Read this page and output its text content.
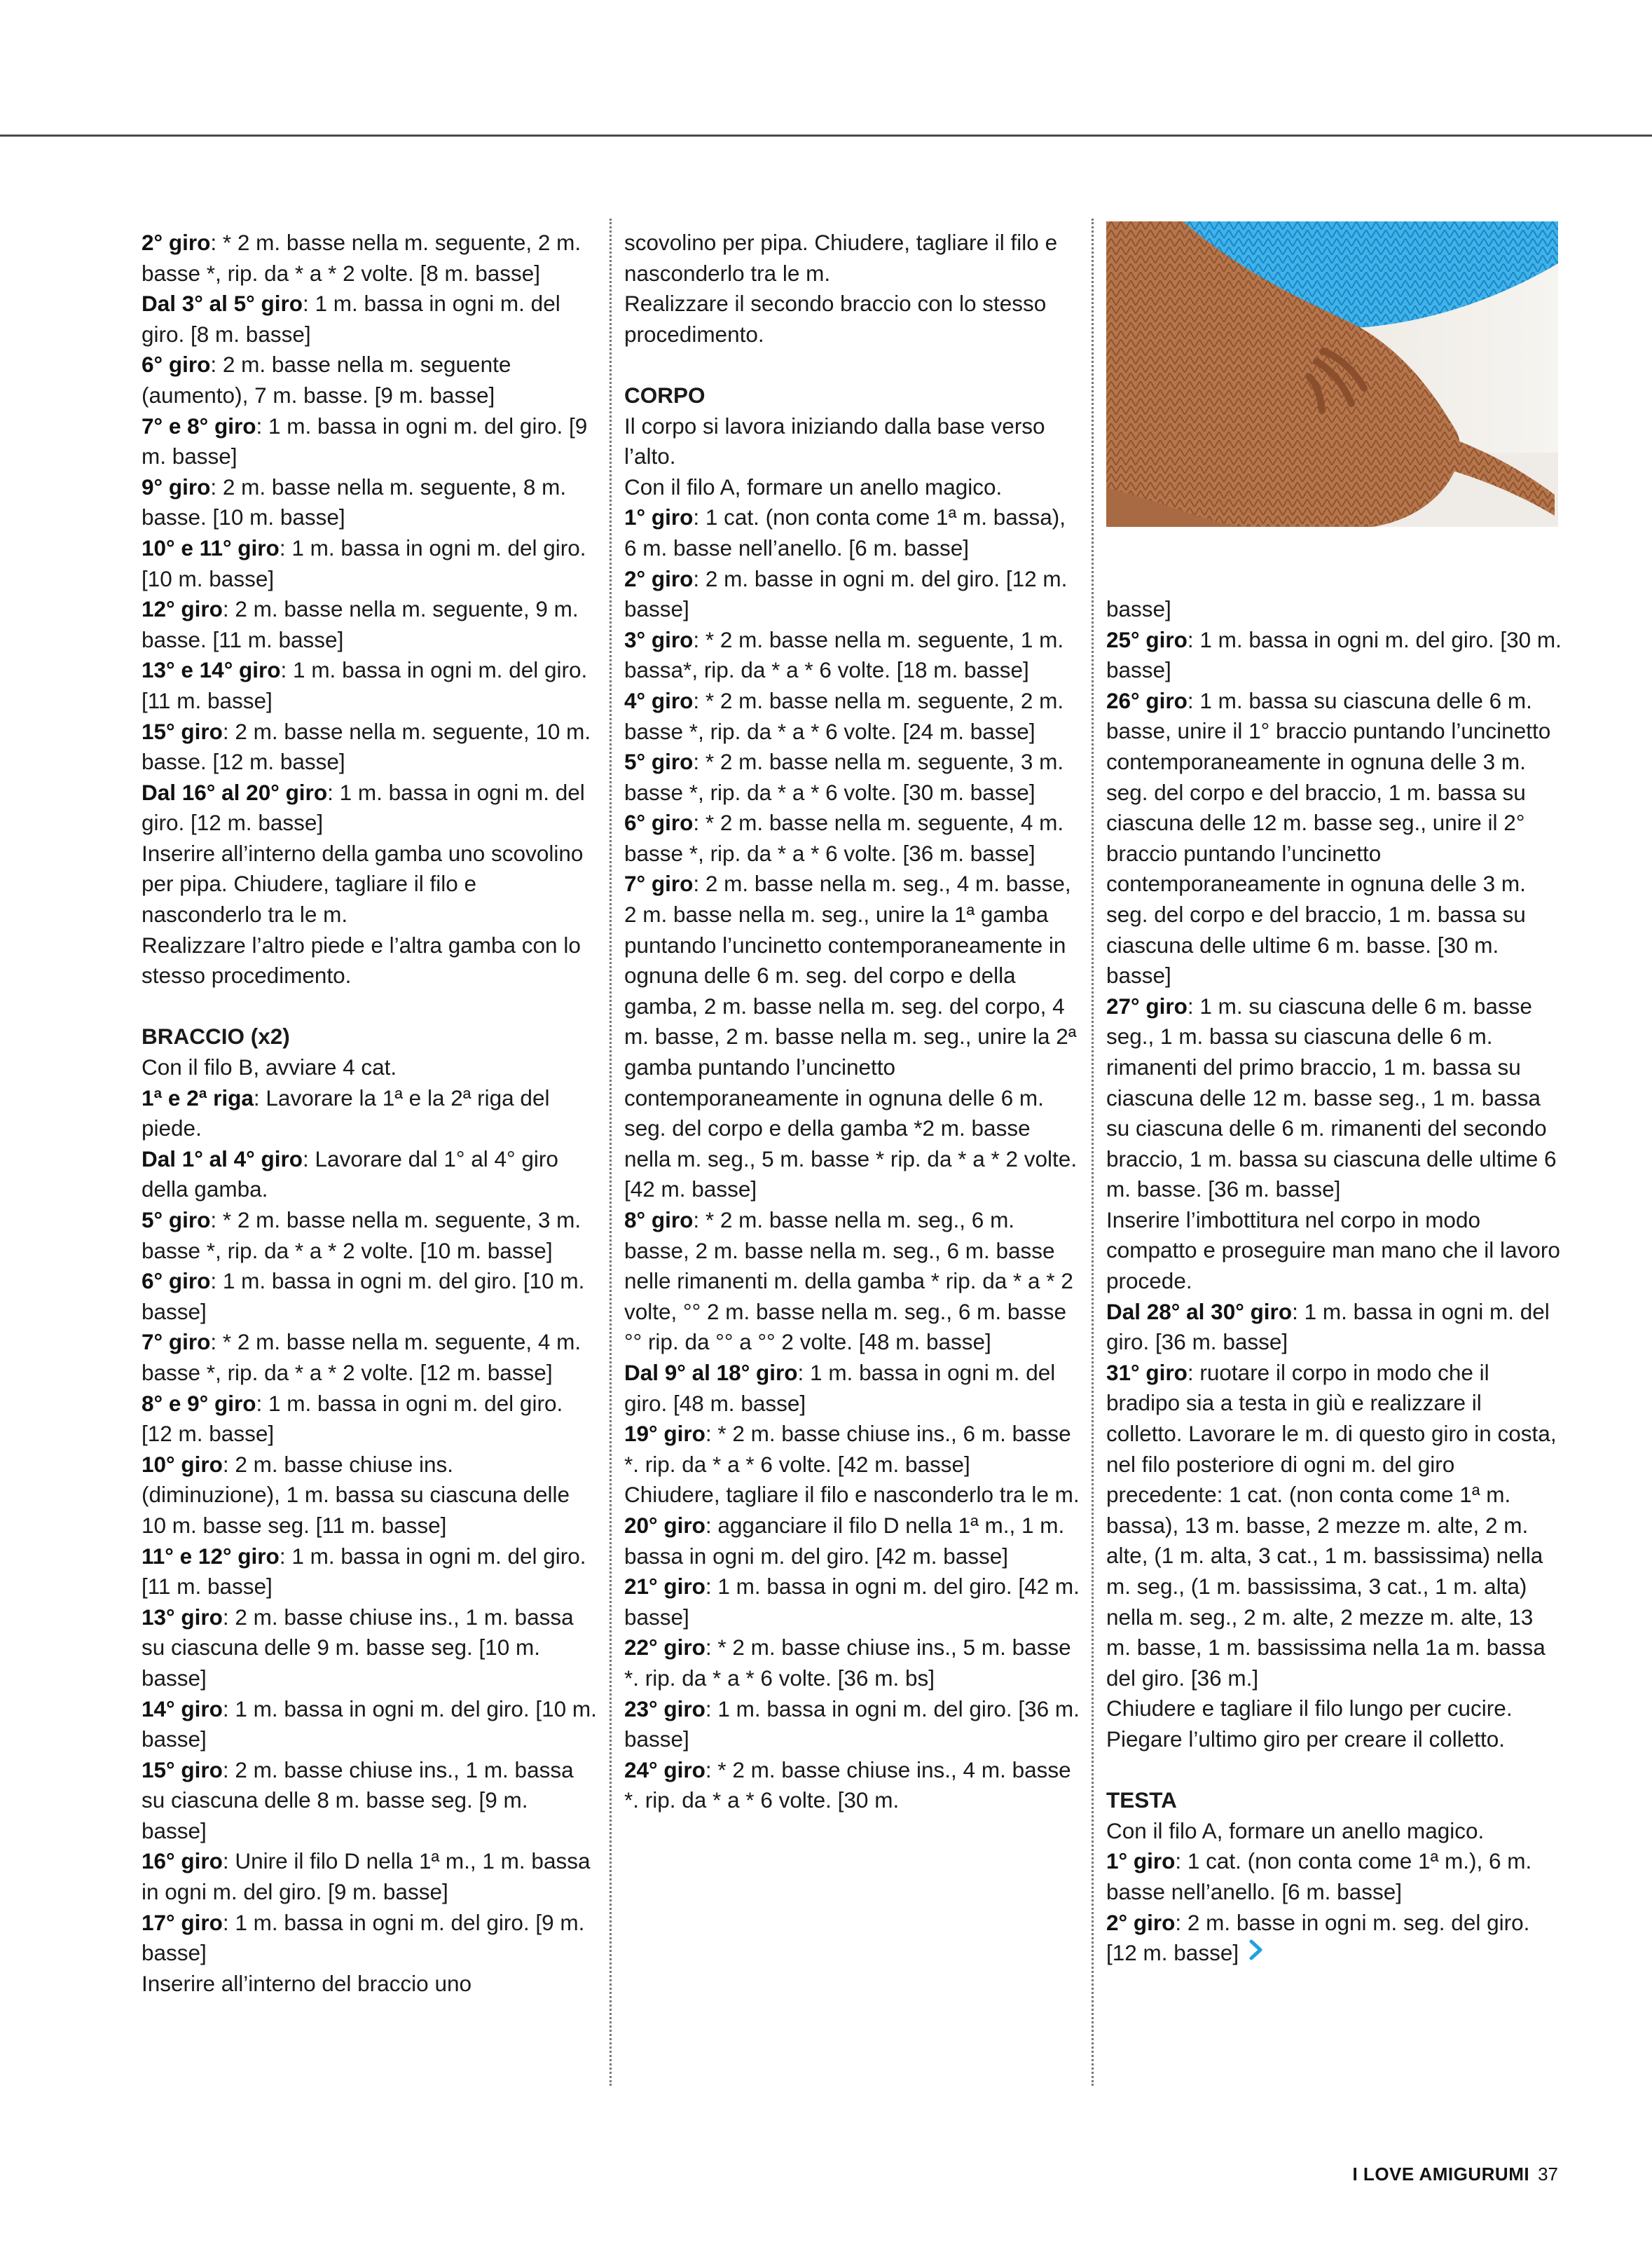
2° giro: * 2 m. basse nella m. seguente, 2 m. basse *, rip. da * a * 2 volte. [8 m. basse]

Dal 3° al 5° giro: 1 m. bassa in ogni m. del giro. [8 m. basse]

6° giro: 2 m. basse nella m. seguente (aumento), 7 m. basse. [9 m. basse]

7° e 8° giro: 1 m. bassa in ogni m. del giro. [9 m. basse]

9° giro: 2 m. basse nella m. seguente, 8 m. basse. [10 m. basse]

10° e 11° giro: 1 m. bassa in ogni m. del giro. [10 m. basse]

12° giro: 2 m. basse nella m. seguente, 9 m. basse. [11 m. basse]

13° e 14° giro: 1 m. bassa in ogni m. del giro. [11 m. basse]

15° giro: 2 m. basse nella m. seguente, 10 m. basse. [12 m. basse]

Dal 16° al 20° giro: 1 m. bassa in ogni m. del giro. [12 m. basse]

Inserire all’interno della gamba uno scovolino per pipa. Chiudere, tagliare il filo e nasconderlo tra le m.

Realizzare l’altro piede e l’altra gamba con lo stesso procedimento.

BRACCIO (x2)

Con il filo B, avviare 4 cat.

1ª e 2ª riga: Lavorare la 1ª e la 2ª riga del piede.

Dal 1° al 4° giro: Lavorare dal 1° al 4° giro della gamba.

5° giro: * 2 m. basse nella m. seguente, 3 m. basse *, rip. da * a * 2 volte. [10 m. basse]

6° giro: 1 m. bassa in ogni m. del giro. [10 m. basse]

7° giro: * 2 m. basse nella m. seguente, 4 m. basse *, rip. da * a * 2 volte. [12 m. basse]

8° e 9° giro: 1 m. bassa in ogni m. del giro. [12 m. basse]

10° giro: 2 m. basse chiuse ins. (diminuzione), 1 m. bassa su ciascuna delle 10 m. basse seg. [11 m. basse]

11° e 12° giro: 1 m. bassa in ogni m. del giro. [11 m. basse]

13° giro: 2 m. basse chiuse ins., 1 m. bassa su ciascuna delle 9 m. basse seg. [10 m. basse]

14° giro: 1 m. bassa in ogni m. del giro. [10 m. basse]

15° giro: 2 m. basse chiuse ins., 1 m. bassa su ciascuna delle 8 m. basse seg. [9 m. basse]

16° giro: Unire il filo D nella 1ª m., 1 m. bassa in ogni m. del giro. [9 m. basse]

17° giro: 1 m. bassa in ogni m. del giro. [9 m. basse]

Inserire all’interno del braccio uno

scovolino per pipa. Chiudere, tagliare il filo e nasconderlo tra le m.

Realizzare il secondo braccio con lo stesso procedimento.

CORPO

Il corpo si lavora iniziando dalla base verso l’alto.

Con il filo A, formare un anello magico.

1° giro: 1 cat. (non conta come 1ª m. bassa), 6 m. basse nell’anello. [6 m. basse]

2° giro: 2 m. basse in ogni m. del giro. [12 m. basse]

3° giro: * 2 m. basse nella m. seguente, 1 m. bassa*, rip. da * a * 6 volte. [18 m. basse]

4° giro: * 2 m. basse nella m. seguente, 2 m. basse *, rip. da * a * 6 volte. [24 m. basse]

5° giro: * 2 m. basse nella m. seguente, 3 m. basse *, rip. da * a * 6 volte. [30 m. basse]

6° giro: * 2 m. basse nella m. seguente, 4 m. basse *, rip. da * a * 6 volte. [36 m. basse]

7° giro: 2 m. basse nella m. seg., 4 m. basse, 2 m. basse nella m. seg., unire la 1ª gamba puntando l’uncinetto contemporaneamente in ognuna delle 6 m. seg. del corpo e della gamba, 2 m. basse nella m. seg. del corpo, 4 m. basse, 2 m. basse nella m. seg., unire la 2ª gamba puntando l’uncinetto contemporaneamente in ognuna delle 6 m. seg. del corpo e della gamba *2 m. basse nella m. seg., 5 m. basse * rip. da * a * 2 volte. [42 m. basse]

8° giro: * 2 m. basse nella m. seg., 6 m. basse, 2 m. basse nella m. seg., 6 m. basse nelle rimanenti m. della gamba * rip. da * a * 2 volte, °° 2 m. basse nella m. seg., 6 m. basse °° rip. da °° a °° 2 volte. [48 m. basse]

Dal 9° al 18° giro: 1 m. bassa in ogni m. del giro. [48 m. basse]

19° giro: * 2 m. basse chiuse ins., 6 m. basse *. rip. da * a * 6 volte. [42 m. basse]

Chiudere, tagliare il filo e nasconderlo tra le m.

20° giro: agganciare il filo D nella 1ª m., 1 m. bassa in ogni m. del giro. [42 m. basse]

21° giro: 1 m. bassa in ogni m. del giro. [42 m. basse]

22° giro: * 2 m. basse chiuse ins., 5 m. basse *. rip. da * a * 6 volte. [36 m. bs]

23° giro: 1 m. bassa in ogni m. del giro. [36 m. basse]

24° giro: * 2 m. basse chiuse ins., 4 m. basse *. rip. da * a * 6 volte. [30 m.

basse]

25° giro: 1 m. bassa in ogni m. del giro. [30 m. basse]

26° giro: 1 m. bassa su ciascuna delle 6 m. basse, unire il 1° braccio puntando l’uncinetto contemporaneamente in ognuna delle 3 m. seg. del corpo e del braccio, 1 m. bassa su ciascuna delle 12 m. basse seg., unire il 2° braccio puntando l’uncinetto contemporaneamente in ognuna delle 3 m. seg. del corpo e del braccio, 1 m. bassa su ciascuna delle ultime 6 m. basse. [30 m. basse]

27° giro: 1 m. su ciascuna delle 6 m. basse seg., 1 m. bassa su ciascuna delle 6 m. rimanenti del primo braccio, 1 m. bassa su ciascuna delle 12 m. basse seg., 1 m. bassa su ciascuna delle 6 m. rimanenti del secondo braccio, 1 m. bassa su ciascuna delle ultime 6 m. basse. [36 m. basse]

Inserire l’imbottitura nel corpo in modo compatto e proseguire man mano che il lavoro procede.

Dal 28° al 30° giro: 1 m. bassa in ogni m. del giro. [36 m. basse]

31° giro: ruotare il corpo in modo che il bradipo sia a testa in giù e realizzare il colletto. Lavorare le m. di questo giro in costa, nel filo posteriore di ogni m. del giro precedente: 1 cat. (non conta come 1ª m. bassa), 13 m. basse, 2 mezze m. alte, 2 m. alte, (1 m. alta, 3 cat., 1 m. bassissima) nella m. seg., (1 m. bassissima, 3 cat., 1 m. alta) nella m. seg., 2 m. alte, 2 mezze m. alte, 13 m. basse, 1 m. bassissima nella 1a m. bassa del giro. [36 m.]

Chiudere e tagliare il filo lungo per cucire. Piegare l’ultimo giro per creare il colletto.

TESTA

Con il filo A, formare un anello magico.

1° giro: 1 cat. (non conta come 1ª m.), 6 m. basse nell’anello. [6 m. basse]

2° giro: 2 m. basse in ogni m. seg. del giro. [12 m. basse]

I LOVE AMIGURUMI 37
